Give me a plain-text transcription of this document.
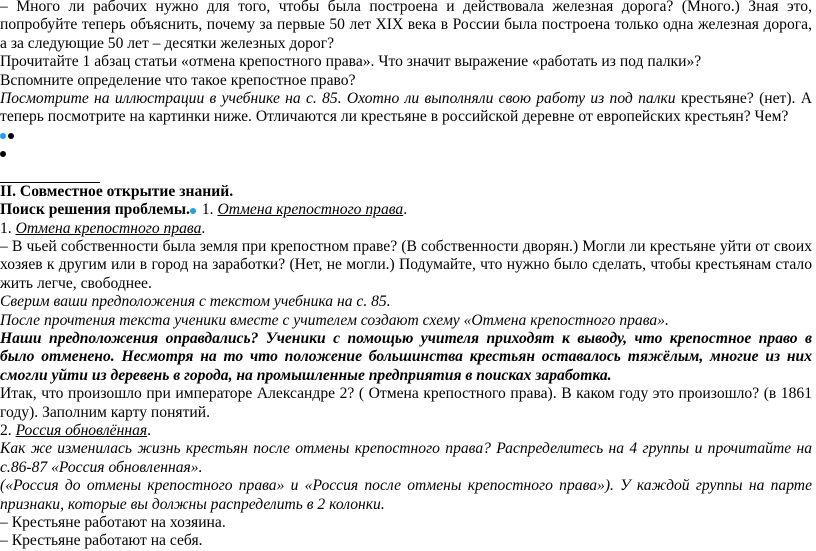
– Много ли рабочих нужно для того, чтобы была построена и действовала железная дорога? (Много.) Зная это,
попробуйте теперь объяснить, почему за первые 50 лет XIX века в России была построена только одна железная дорога,
а за следующие 50 лет – десятки железных дорог?
Прочитайте 1 абзац статьи «отмена крепостного права». Что значит выражение «работать из под палки»?
Вспомните определение что такое крепостное право?
Посмотрите на иллюстрации в учебнике на с. 85. Охотно ли выполняли свою работу из под палки крестьяне? (нет). А
теперь посмотрите на картинки ниже. Отличаются ли крестьяне в российской деревне от европейских крестьян? Чем?
II. Совместное открытие знаний.
Поиск решения проблемы. 1. Отмена крепостного права.
1. Отмена крепостного права.
– В чьей собственности была земля при крепостном праве? (В собственности дворян.) Могли ли крестьяне уйти от своих
хозяев к другим или в город на заработки? (Нет, не могли.) Подумайте, что нужно было сделать, чтобы крестьянам стало
жить легче, свободнее.
Сверим ваши предположения с текстом учебника на с. 85.
После прочтения текста ученики вместе с учителем создают схему «Отмена крепостного права».
Наши предположения оправдались? Ученики с помощью учителя приходят к выводу, что крепостное право в
было отменено. Несмотря на то что положение большинства крестьян оставалось тяжёлым, многие из них
смогли уйти из деревень в города, на промышленные предприятия в поисках заработка.
Итак, что произошло при императоре Александре 2? ( Отмена крепостного права). В каком году это произошло? (в 1861
году). Заполним карту понятий.
2. Россия обновлённая.
Как же изменилась жизнь крестьян после отмены крепостного права? Распределитесь на 4 группы и прочитайте на
с.86-87 «Россия обновленная».
(«Россия до отмены крепостного права» и «Россия после отмены крепостного права»). У каждой группы на парте
признаки, которые вы должны распределить в 2 колонки.
– Крестьяне работают на хозяина.
– Крестьяне работают на себя.
